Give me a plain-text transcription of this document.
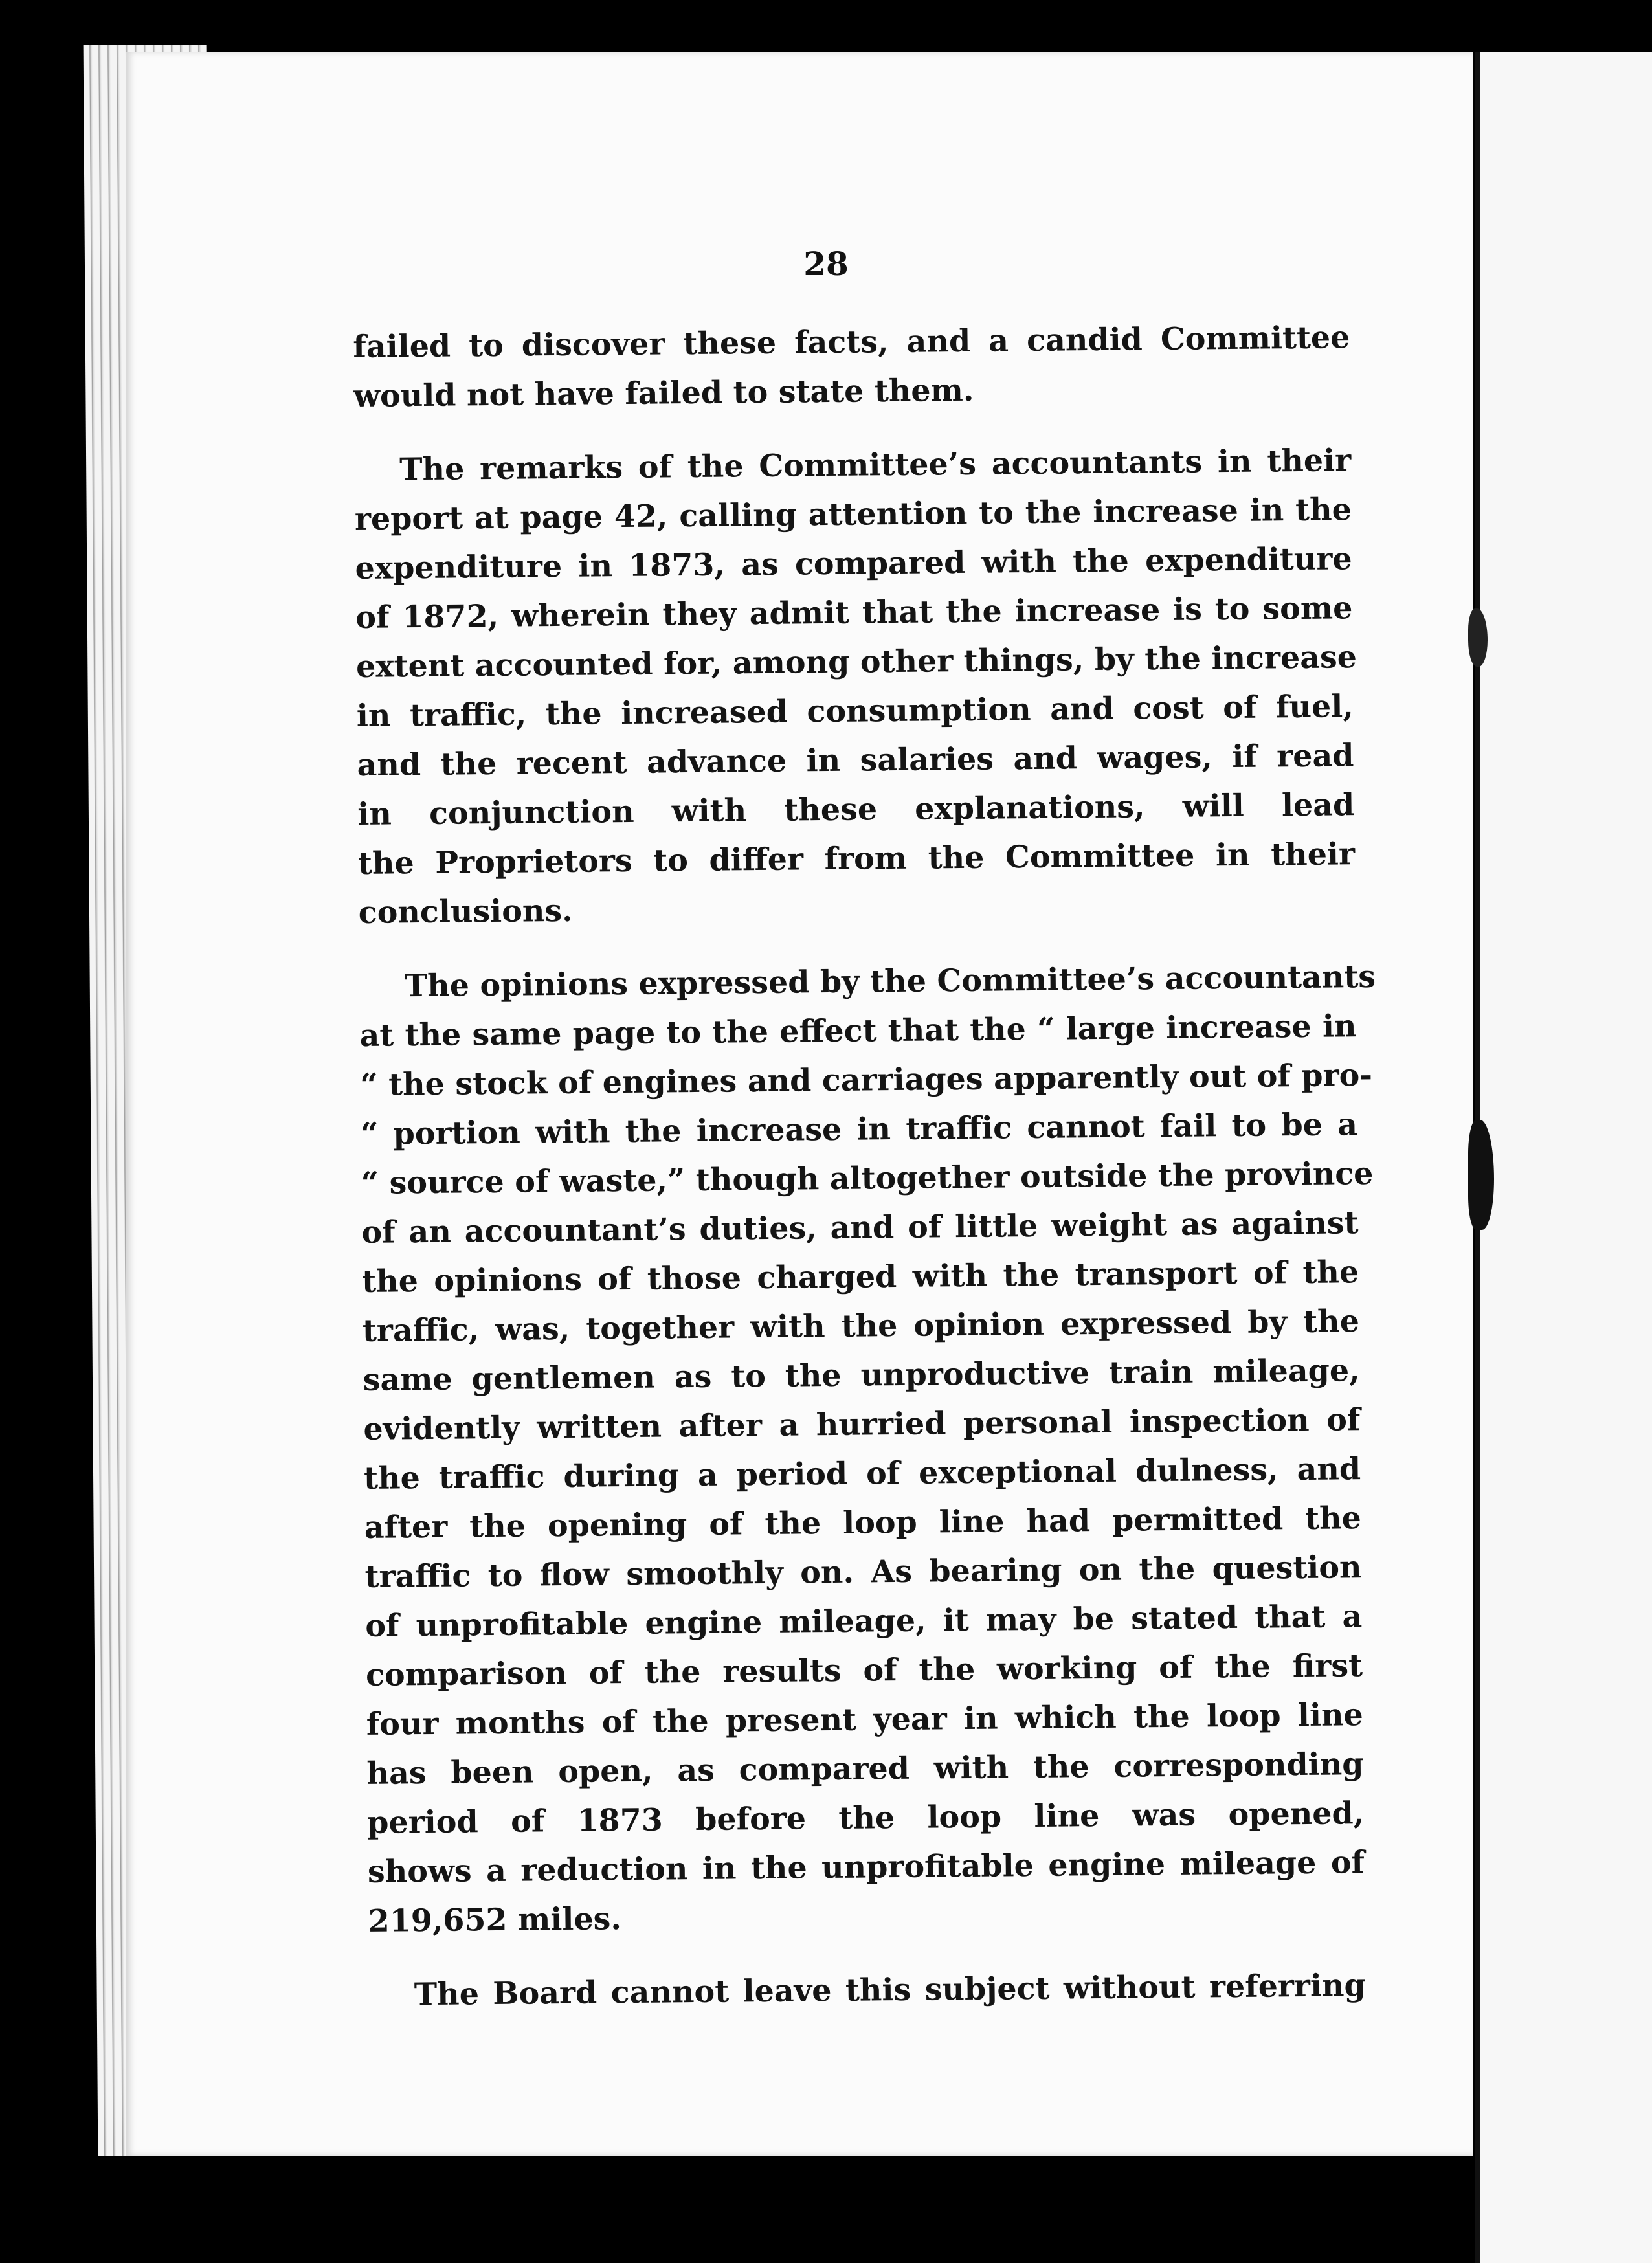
28

failed to discover these facts, and a candid Committee
would not have failed to state them.

The remarks of the Committee’s accountants in their
report at page 42, calling attention to the increase in the
expenditure in 1873, as compared with the expenditure
of 1872, wherein they admit that the increase is to some
extent accounted for, among other things, by the increase
in traffic, the increased consumption and cost of fuel,
and the recent advance in salaries and wages, if read
in conjunction with these explanations, will lead
the Proprietors to differ from the Committee in their
conclusions.

The opinions expressed by the Committee’s accountants
at the same page to the effect that the “ large increase in
“ the stock of engines and carriages apparently out of pro-
“ portion with the increase in traffic cannot fail to be a
“ source of waste,” though altogether outside the province
of an accountant’s duties, and of little weight as against
the opinions of those charged with the transport of the
traffic, was, together with the opinion expressed by the
same gentlemen as to the unproductive train mileage,
evidently written after a hurried personal inspection of
the traffic during a period of exceptional dulness, and
after the opening of the loop line had permitted the
traffic to flow smoothly on. As bearing on the question
of unprofitable engine mileage, it may be stated that a
comparison of the results of the working of the first
four months of the present year in which the loop line
has been open, as compared with the corresponding
period of 1873 before the loop line was opened,
shows a reduction in the unprofitable engine mileage of
219,652 miles.

The Board cannot leave this subject without referring
